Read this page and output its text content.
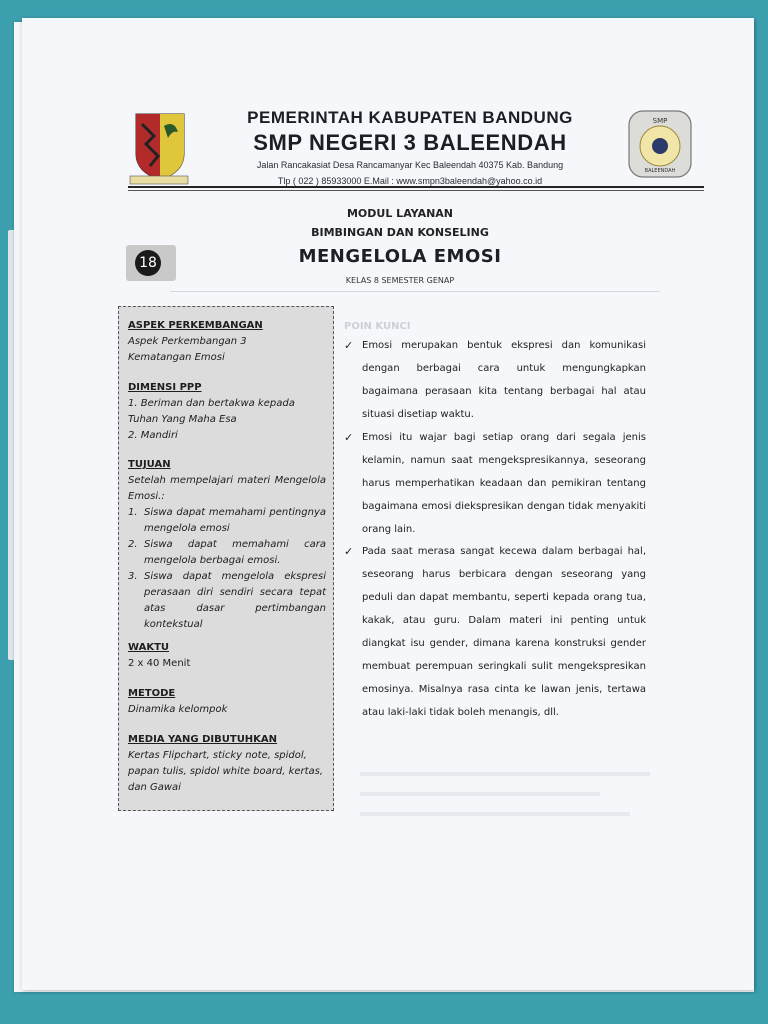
PEMERINTAH KABUPATEN BANDUNG
SMP NEGERI 3 BALEENDAH
Jalan Rancakasiat Desa Rancamanyar Kec Baleendah 40375 Kab. Bandung
Tlp ( 022 ) 85933000 E.Mail : www.smpn3baleendah@yahoo.co.id
SMP
BALEENDAH
MODUL LAYANAN
BIMBINGAN DAN KONSELING
MENGELOLA EMOSI
KELAS 8 SEMESTER GENAP
18
ASPEK PERKEMBANGAN
Aspek Perkembangan 3
Kematangan Emosi
DIMENSI PPP
1. Beriman dan bertakwa kepada Tuhan Yang Maha Esa
2. Mandiri
TUJUAN
Setelah mempelajari materi Mengelola Emosi.:
1. Siswa dapat memahami pentingnya mengelola emosi
2. Siswa dapat memahami cara mengelola berbagai emosi.
3. Siswa dapat mengelola ekspresi perasaan diri sendiri secara tepat atas dasar pertimbangan kontekstual
WAKTU
2 x 40 Menit
METODE
Dinamika kelompok
MEDIA YANG DIBUTUHKAN
Kertas Flipchart, sticky note, spidol, papan tulis, spidol white board, kertas, dan Gawai
POIN KUNCI
✓ Emosi merupakan bentuk ekspresi dan komunikasi dengan berbagai cara untuk mengungkapkan bagaimana perasaan kita tentang berbagai hal atau situasi disetiap waktu.
✓ Emosi itu wajar bagi setiap orang dari segala jenis kelamin, namun saat mengekspresikannya, seseorang harus memperhatikan keadaan dan pemikiran tentang bagaimana emosi diekspresikan dengan tidak menyakiti orang lain.
✓ Pada saat merasa sangat kecewa dalam berbagai hal, seseorang harus berbicara dengan seseorang yang peduli dan dapat membantu, seperti kepada orang tua, kakak, atau guru. Dalam materi ini penting untuk diangkat isu gender, dimana karena konstruksi gender membuat perempuan seringkali sulit mengekspresikan emosinya. Misalnya rasa cinta ke lawan jenis, tertawa atau laki-laki tidak boleh menangis, dll.
